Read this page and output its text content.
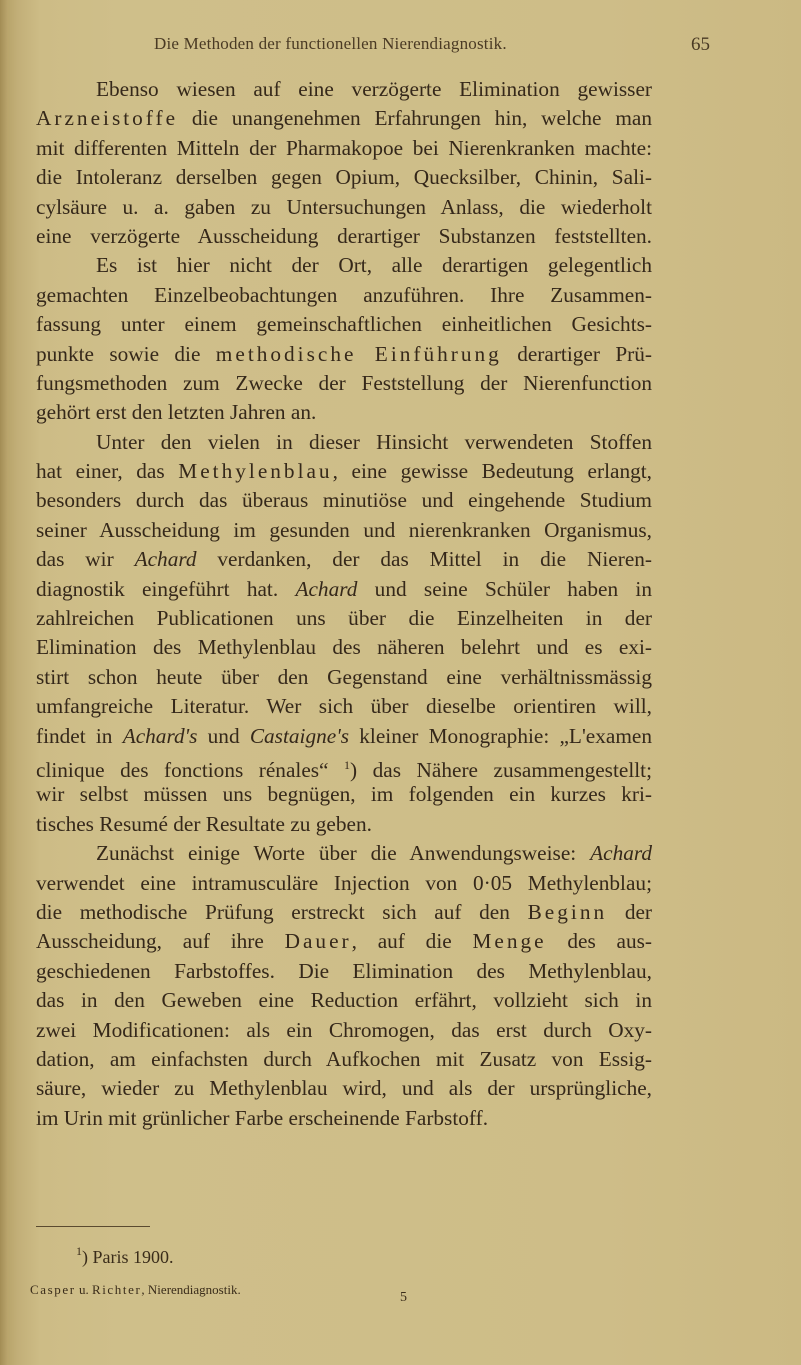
Die Methoden der functionellen Nierendiagnostik.	65
Ebenso wiesen auf eine verzögerte Elimination gewisser
Arzneistoffe die unangenehmen Erfahrungen hin, welche man
mit differenten Mitteln der Pharmakopoe bei Nierenkranken machte:
die Intoleranz derselben gegen Opium, Quecksilber, Chinin, Sali-
cylsäure u. a. gaben zu Untersuchungen Anlass, die wiederholt
eine verzögerte Ausscheidung derartiger Substanzen feststellten.
Es ist hier nicht der Ort, alle derartigen gelegentlich
gemachten Einzelbeobachtungen anzuführen. Ihre Zusammen-
fassung unter einem gemeinschaftlichen einheitlichen Gesichts-
punkte sowie die methodische Einführung derartiger Prü-
fungsmethoden zum Zwecke der Feststellung der Nierenfunction
gehört erst den letzten Jahren an.
Unter den vielen in dieser Hinsicht verwendeten Stoffen
hat einer, das Methylenblau, eine gewisse Bedeutung erlangt,
besonders durch das überaus minutiöse und eingehende Studium
seiner Ausscheidung im gesunden und nierenkranken Organismus,
das wir Achard verdanken, der das Mittel in die Nieren-
diagnostik eingeführt hat. Achard und seine Schüler haben in
zahlreichen Publicationen uns über die Einzelheiten in der
Elimination des Methylenblau des näheren belehrt und es exi-
stirt schon heute über den Gegenstand eine verhältnissmässig
umfangreiche Literatur. Wer sich über dieselbe orientiren will,
findet in Achard's und Castaigne's kleiner Monographie: „L'examen
clinique des fonctions rénales“ $^1$) das Nähere zusammengestellt;
wir selbst müssen uns begnügen, im folgenden ein kurzes kri-
tisches Resumé der Resultate zu geben.
Zunächst einige Worte über die Anwendungsweise: Achard
verwendet eine intramusculäre Injection von 0·05 Methylenblau;
die methodische Prüfung erstreckt sich auf den Beginn der
Ausscheidung, auf ihre Dauer, auf die Menge des aus-
geschiedenen Farbstoffes. Die Elimination des Methylenblau,
das in den Geweben eine Reduction erfährt, vollzieht sich in
zwei Modificationen: als ein Chromogen, das erst durch Oxy-
dation, am einfachsten durch Aufkochen mit Zusatz von Essig-
säure, wieder zu Methylenblau wird, und als der ursprüngliche,
im Urin mit grünlicher Farbe erscheinende Farbstoff.
$^1$) Paris 1900.
Casper u. Richter, Nierendiagnostik.
5
